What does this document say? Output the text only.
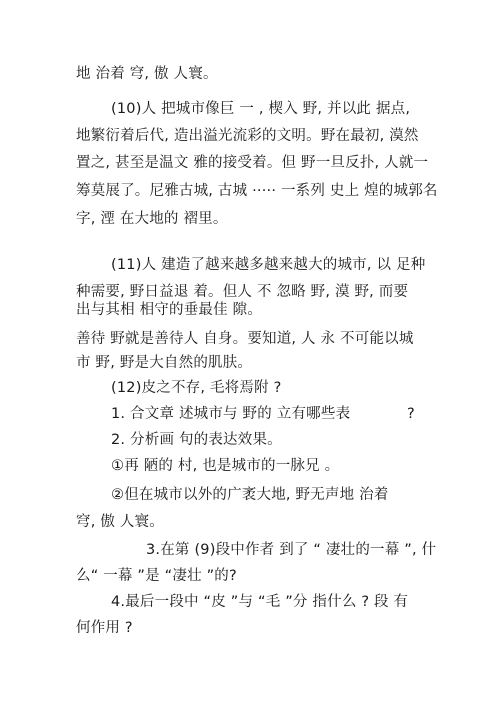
地 治着 穹, 傲 人寰。
(10)人 把城市像巨 一 , 楔入 野, 并以此 据点,
地繁衍着后代, 造出溢光流彩的文明。野在最初, 漠然
置之, 甚至是温文 雅的接受着。但 野一旦反扑, 人就一
筹莫展了。尼雅古城, 古城 ····· 一系列 史上 煌的城郭名
字, 湮 在大地的 褶里。
(11)人 建造了越来越多越来越大的城市, 以 足种
种需要, 野日益退 着。但人 不 忽略 野, 漠 野, 而要
出与其相 相守的垂最佳 隙。
善待 野就是善待人 自身。要知道, 人 永 不可能以城
市 野, 野是大自然的肌肤。
(12)皮之不存, 毛将焉附 ?
1. 合文章 述城市与 野的 立有哪些表	?
2. 分析画 句的表达效果。
①再 陋的 村, 也是城市的一脉兄 。
②但在城市以外的广袤大地, 野无声地 治着
穹, 傲 人寰。
3.在第 (9)段中作者 到了 “ 凄壮的一幕 ”, 什
么“ 一幕 ”是 “凄壮 ”的?
4.最后一段中 “皮 ”与 “毛 ”分 指什么 ? 段 有
何作用 ?
